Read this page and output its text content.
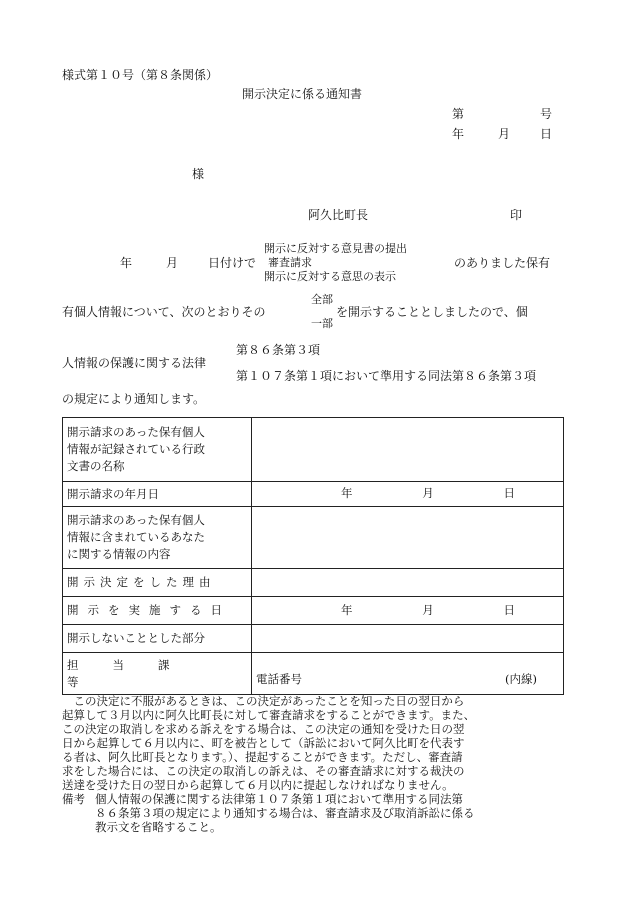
様式第１０号（第８条関係）
開示決定に係る通知書
第	号
年	月 日
様
阿久比町長	印
開示に反対する意見書の提出
年	月 日付けで 審査請求	のありました保有
開示に反対する意思の表示
全部
有個人情報について、次のとおりその	を開示することとしましたので、個
一部
第８６条第３項
人情報の保護に関する法律
第１０７条第１項において準用する同法第８６条第３項
の規定により通知します。
開示請求のあった保有個人
情報が記録されている行政
文書の名称	

開示請求の年月日	年 月 日

開示請求のあった保有個人
情報に含まれているあなた
に関する情報の内容	

開示決定をした理由	

開示を実施する日	年 月 日

開示しないこととした部分	

担当課等	電話番号 (内線)

この決定に不服があるときは、この決定があったことを知った日の翌日から

起算して３月以内に阿久比町長に対して審査請求をすることができます。また、

この決定の取消しを求める訴えをする場合は、この決定の通知を受けた日の翌

日から起算して６月以内に、町を被告として（訴訟において阿久比町を代表す

る者は、阿久比町長となります。）、提起することができます。ただし、審査請

求をした場合には、この決定の取消しの訴えは、その審査請求に対する裁決の

送達を受けた日の翌日から起算して６月以内に提起しなければなりません。

備考 個人情報の保護に関する法律第１０７条第１項において準用する同法第

８６条第３項の規定により通知する場合は、審査請求及び取消訴訟に係る

教示文を省略すること。
